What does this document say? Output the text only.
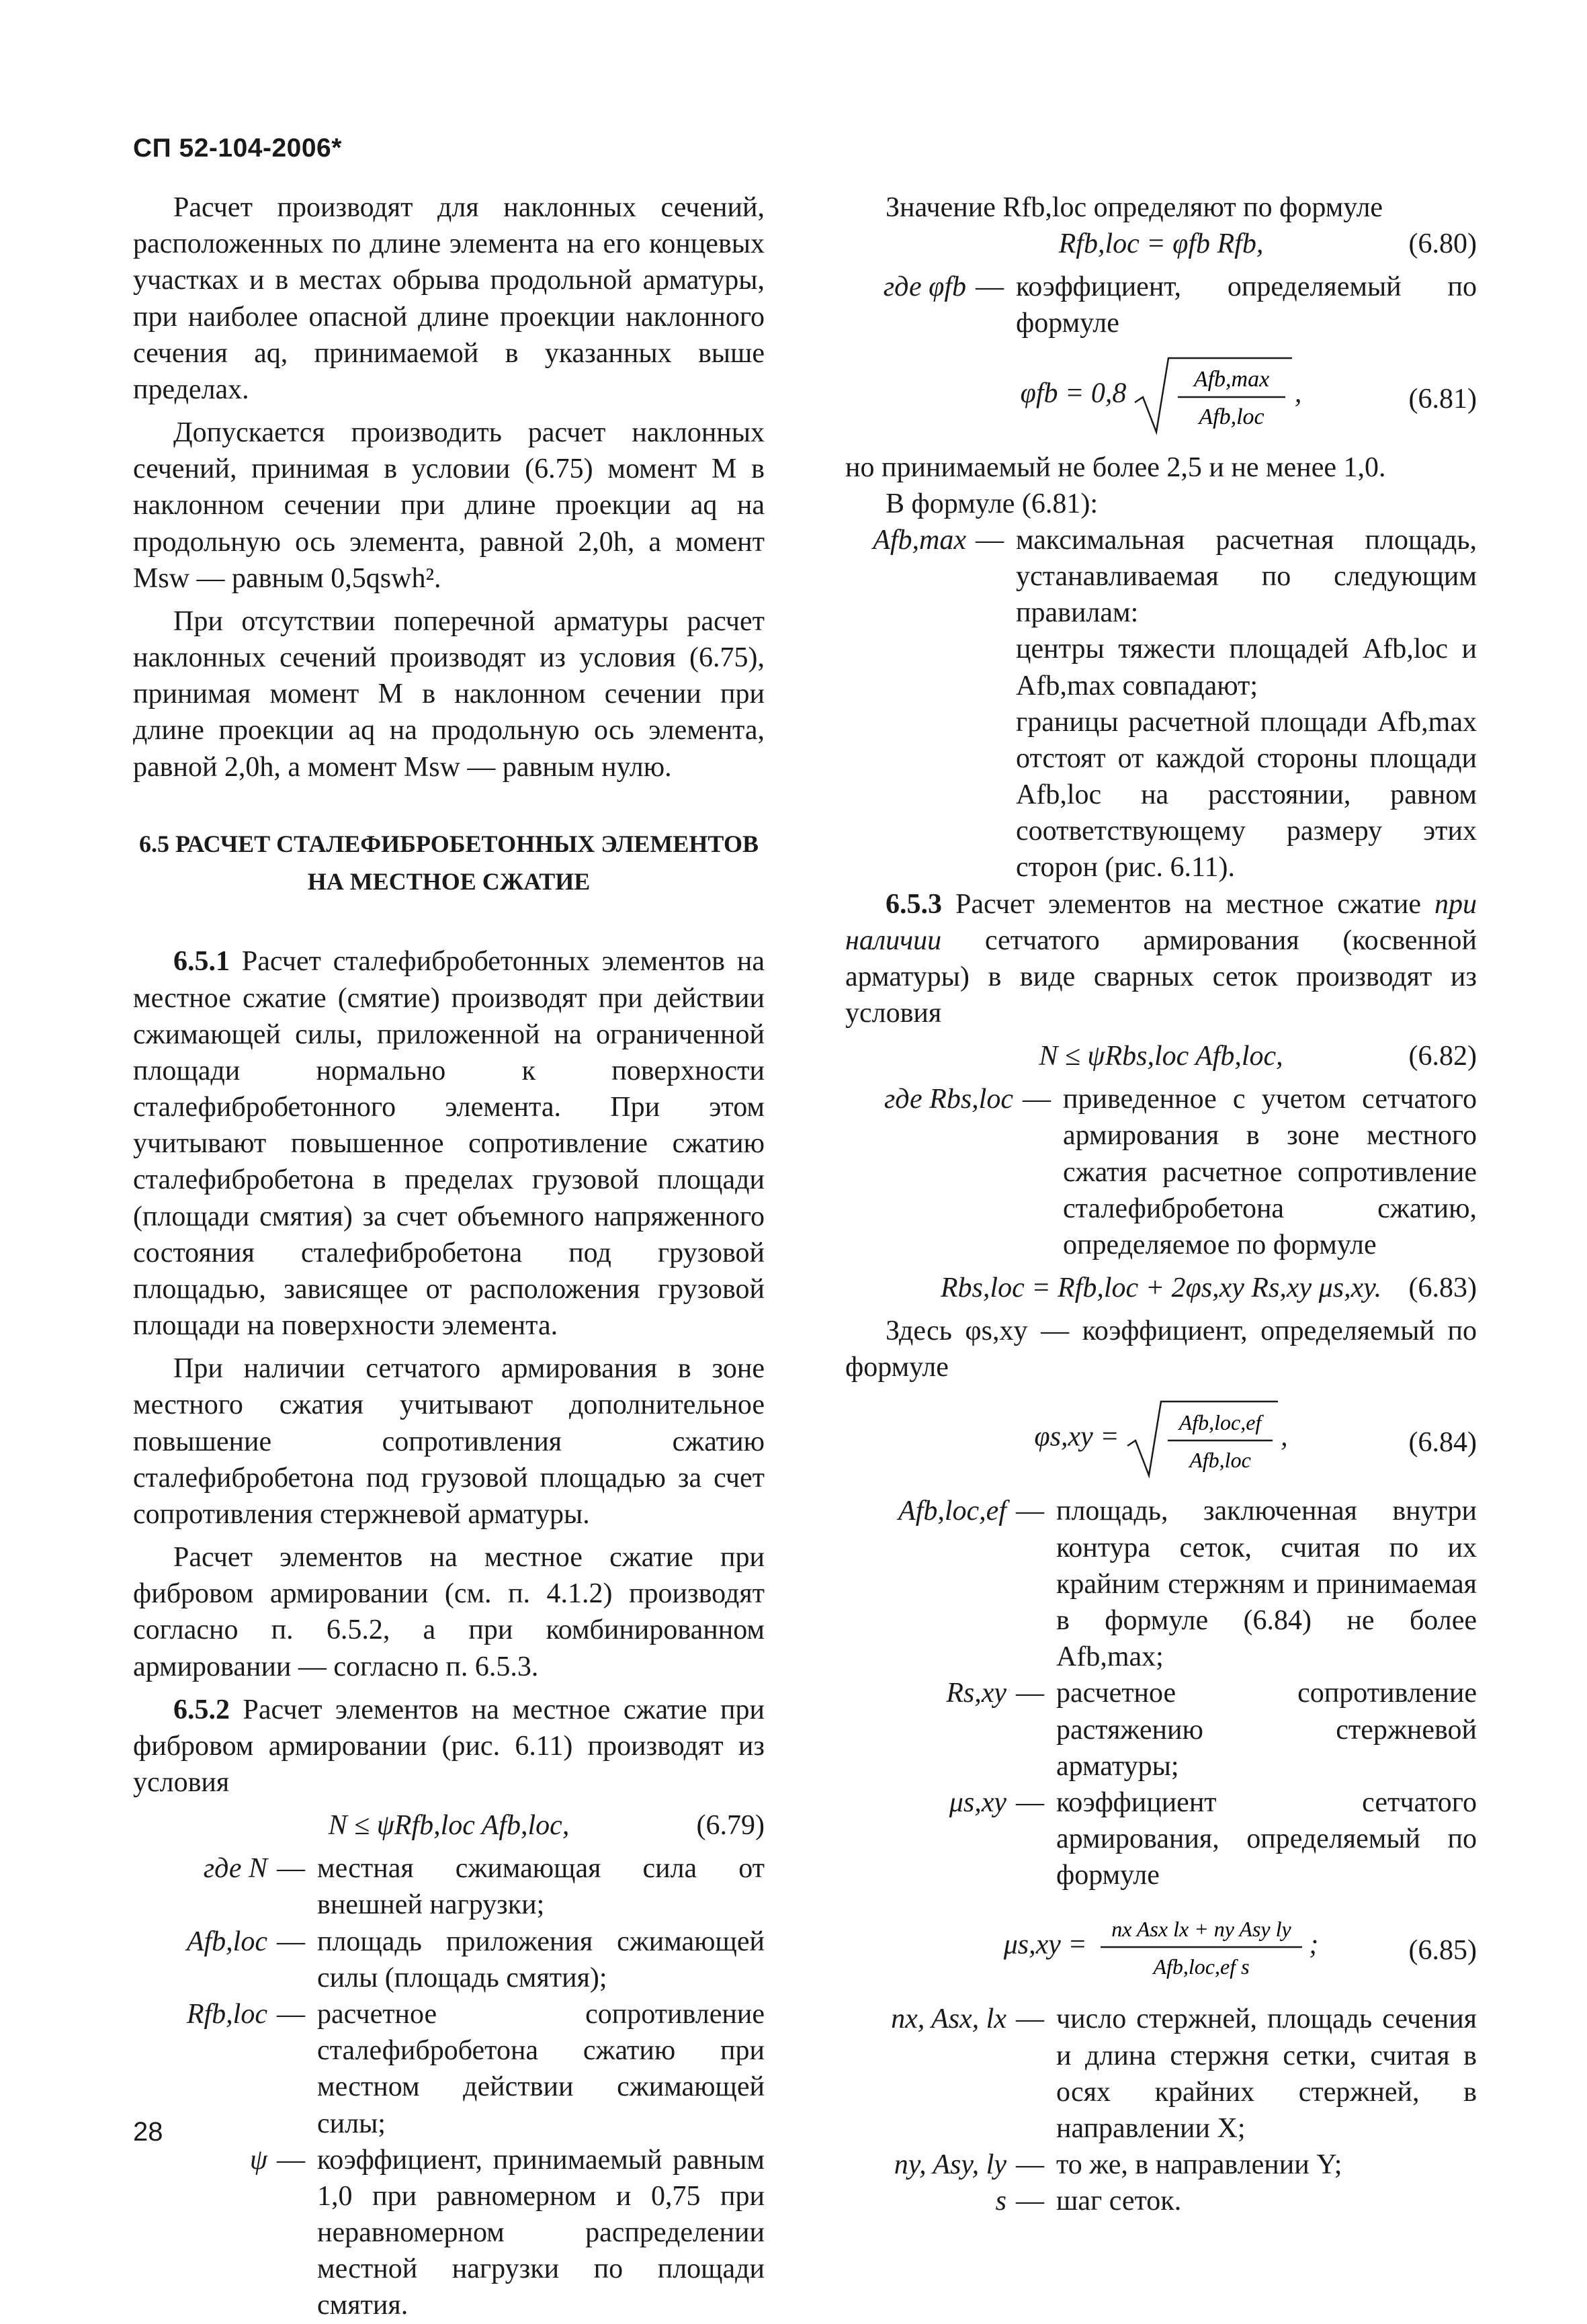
СП 52-104-2006*

Расчет производят для наклонных сечений, расположенных по длине элемента на его концевых участках и в местах обрыва продольной арматуры, при наиболее опасной длине проекции наклонного сечения aq, принимаемой в указанных выше пределах.

Допускается производить расчет наклонных сечений, принимая в условии (6.75) момент M в наклонном сечении при длине проекции aq на продольную ось элемента, равной 2,0h, а момент Msw — равным 0,5qswh².

При отсутствии поперечной арматуры расчет наклонных сечений производят из условия (6.75), принимая момент M в наклонном сечении при длине проекции aq на продольную ось элемента, равной 2,0h, а момент Msw — равным нулю.

6.5 РАСЧЕТ СТАЛЕФИБРОБЕТОННЫХ ЭЛЕМЕНТОВ НА МЕСТНОЕ СЖАТИЕ

6.5.1 Расчет сталефибробетонных элементов на местное сжатие (смятие) производят при действии сжимающей силы, приложенной на ограниченной площади нормально к поверхности сталефибробетонного элемента. При этом учитывают повышенное сопротивление сжатию сталефибробетона в пределах грузовой площади (площади смятия) за счет объемного напряженного состояния сталефибробетона под грузовой площадью, зависящее от расположения грузовой площади на поверхности элемента.

При наличии сетчатого армирования в зоне местного сжатия учитывают дополнительное повышение сопротивления сжатию сталефибробетона под грузовой площадью за счет сопротивления стержневой арматуры.

Расчет элементов на местное сжатие при фибровом армировании (см. п. 4.1.2) производят согласно п. 6.5.2, а при комбинированном армировании — согласно п. 6.5.3.

6.5.2 Расчет элементов на местное сжатие при фибровом армировании (рис. 6.11) производят из условия

N ≤ ψRfb,loc Afb,loc,	(6.79)
где N — местная сжимающая сила от внешней нагрузки;
Afb,loc — площадь приложения сжимающей силы (площадь смятия);
Rfb,loc — расчетное сопротивление сталефибробетона сжатию при местном действии сжимающей силы;
ψ — коэффициент, принимаемый равным 1,0 при равномерном и 0,75 при неравномерном распределении местной нагрузки по площади смятия.

Значение Rfb,loc определяют по формуле

Rfb,loc = φfb Rfb,	(6.80)
где φfb — коэффициент, определяемый по формуле
φfb = 0,8	Afb,max
Afb,loc
,	(6.81)

но принимаемый не более 2,5 и не менее 1,0.

В формуле (6.81):

Afb,max — максимальная расчетная площадь, устанавливаемая по следующим правилам:
центры тяжести площадей Afb,loc и Afb,max совпадают;
границы расчетной площади Afb,max отстоят от каждой стороны площади Afb,loc на расстоянии, равном соответствующему размеру этих сторон (рис. 6.11).

6.5.3 Расчет элементов на местное сжатие при наличии сетчатого армирования (косвенной арматуры) в виде сварных сеток производят из условия

N ≤ ψRbs,loc Afb,loc,	(6.82)
где Rbs,loc — приведенное с учетом сетчатого армирования в зоне местного сжатия расчетное сопротивление сталефибробетона сжатию, определяемое по формуле
Rbs,loc = Rfb,loc + 2φs,xy Rs,xy μs,xy. (6.83)

Здесь φs,xy — коэффициент, определяемый по формуле

φs,xy =	Afb,loc,ef
Afb,loc
,	(6.84)
Afb,loc,ef — площадь, заключенная внутри контура сеток, считая по их крайним стержням и принимаемая в формуле (6.84) не более Afb,max;
Rs,xy — расчетное сопротивление растяжению стержневой арматуры;
μs,xy — коэффициент сетчатого армирования, определяемый по формуле
μs,xy =
nx Asx lx + ny Asy ly
Afb,loc,ef s
;	(6.85)
nx, Asx, lx — число стержней, площадь сечения и длина стержня сетки, считая в осях крайних стержней, в направлении X;
ny, Asy, ly — то же, в направлении Y;
s — шаг сеток.
28
